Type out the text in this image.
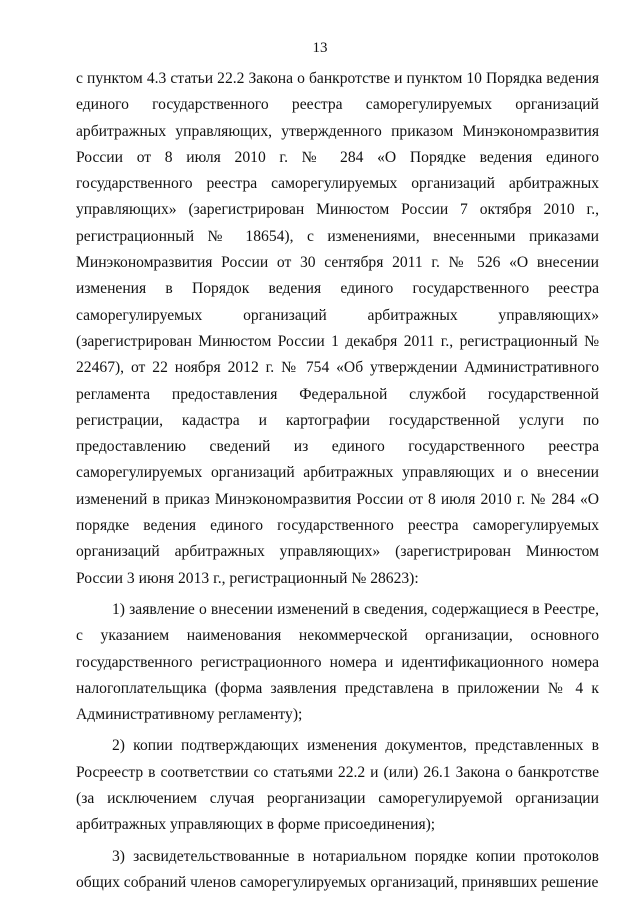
13

с пунктом 4.3 статьи 22.2 Закона о банкротстве и пунктом 10 Порядка ведения единого государственного реестра саморегулируемых организаций арбитражных управляющих, утвержденного приказом Минэкономразвития России от 8 июля 2010 г. № 284 «О Порядке ведения единого государственного реестра саморегулируемых организаций арбитражных управляющих» (зарегистрирован Минюстом России 7 октября 2010 г., регистрационный № 18654), с изменениями, внесенными приказами Минэкономразвития России от 30 сентября 2011 г. № 526 «О внесении изменения в Порядок ведения единого государственного реестра саморегулируемых организаций арбитражных управляющих» (зарегистрирован Минюстом России 1 декабря 2011 г., регистрационный № 22467), от 22 ноября 2012 г. № 754 «Об утверждении Административного регламента предоставления Федеральной службой государственной регистрации, кадастра и картографии государственной услуги по предоставлению сведений из единого государственного реестра саморегулируемых организаций арбитражных управляющих и о внесении изменений в приказ Минэкономразвития России от 8 июля 2010 г. № 284 «О порядке ведения единого государственного реестра саморегулируемых организаций арбитражных управляющих» (зарегистрирован Минюстом России 3 июня 2013 г., регистрационный № 28623):

1) заявление о внесении изменений в сведения, содержащиеся в Реестре, с указанием наименования некоммерческой организации, основного государственного регистрационного номера и идентификационного номера налогоплательщика (форма заявления представлена в приложении № 4 к Административному регламенту);

2) копии подтверждающих изменения документов, представленных в Росреестр в соответствии со статьями 22.2 и (или) 26.1 Закона о банкротстве (за исключением случая реорганизации саморегулируемой организации арбитражных управляющих в форме присоединения);

3) засвидетельствованные в нотариальном порядке копии протоколов общих собраний членов саморегулируемых организаций, принявших решение
